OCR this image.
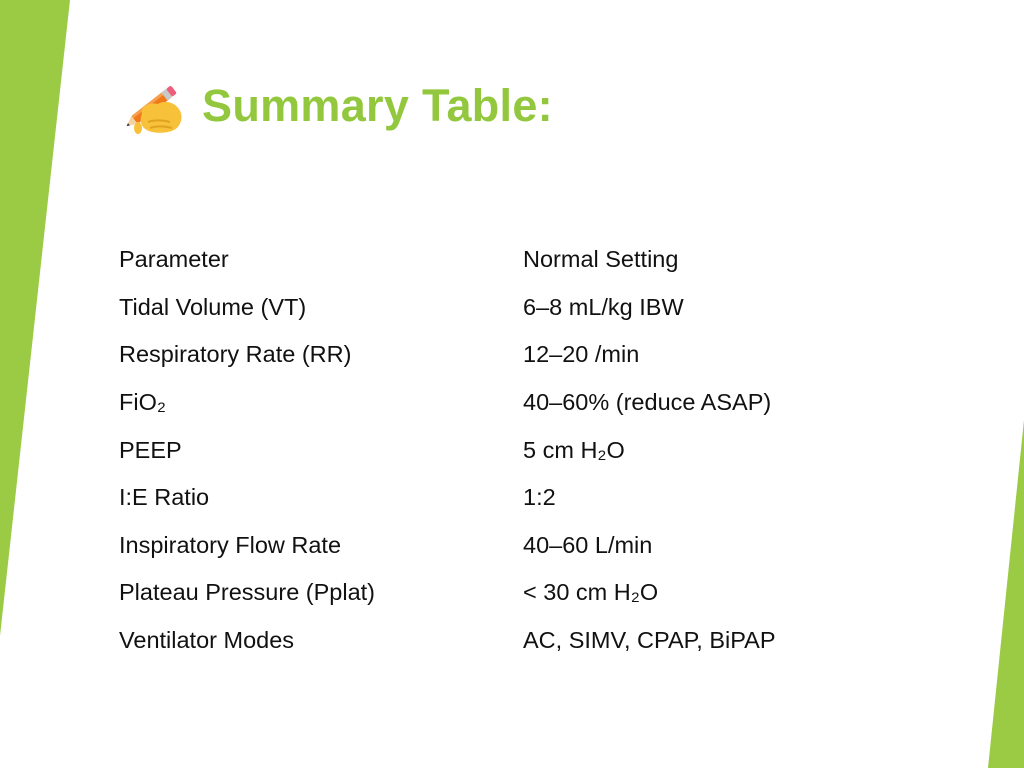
Summary Table:
Parameter	Normal Setting
Tidal Volume (VT)	6–8 mL/kg IBW
Respiratory Rate (RR)	12–20 /min
FiO₂	40–60% (reduce ASAP)
PEEP	5 cm H₂O
I:E Ratio	1:2
Inspiratory Flow Rate	40–60 L/min
Plateau Pressure (Pplat)	< 30 cm H₂O
Ventilator Modes	AC, SIMV, CPAP, BiPAP
